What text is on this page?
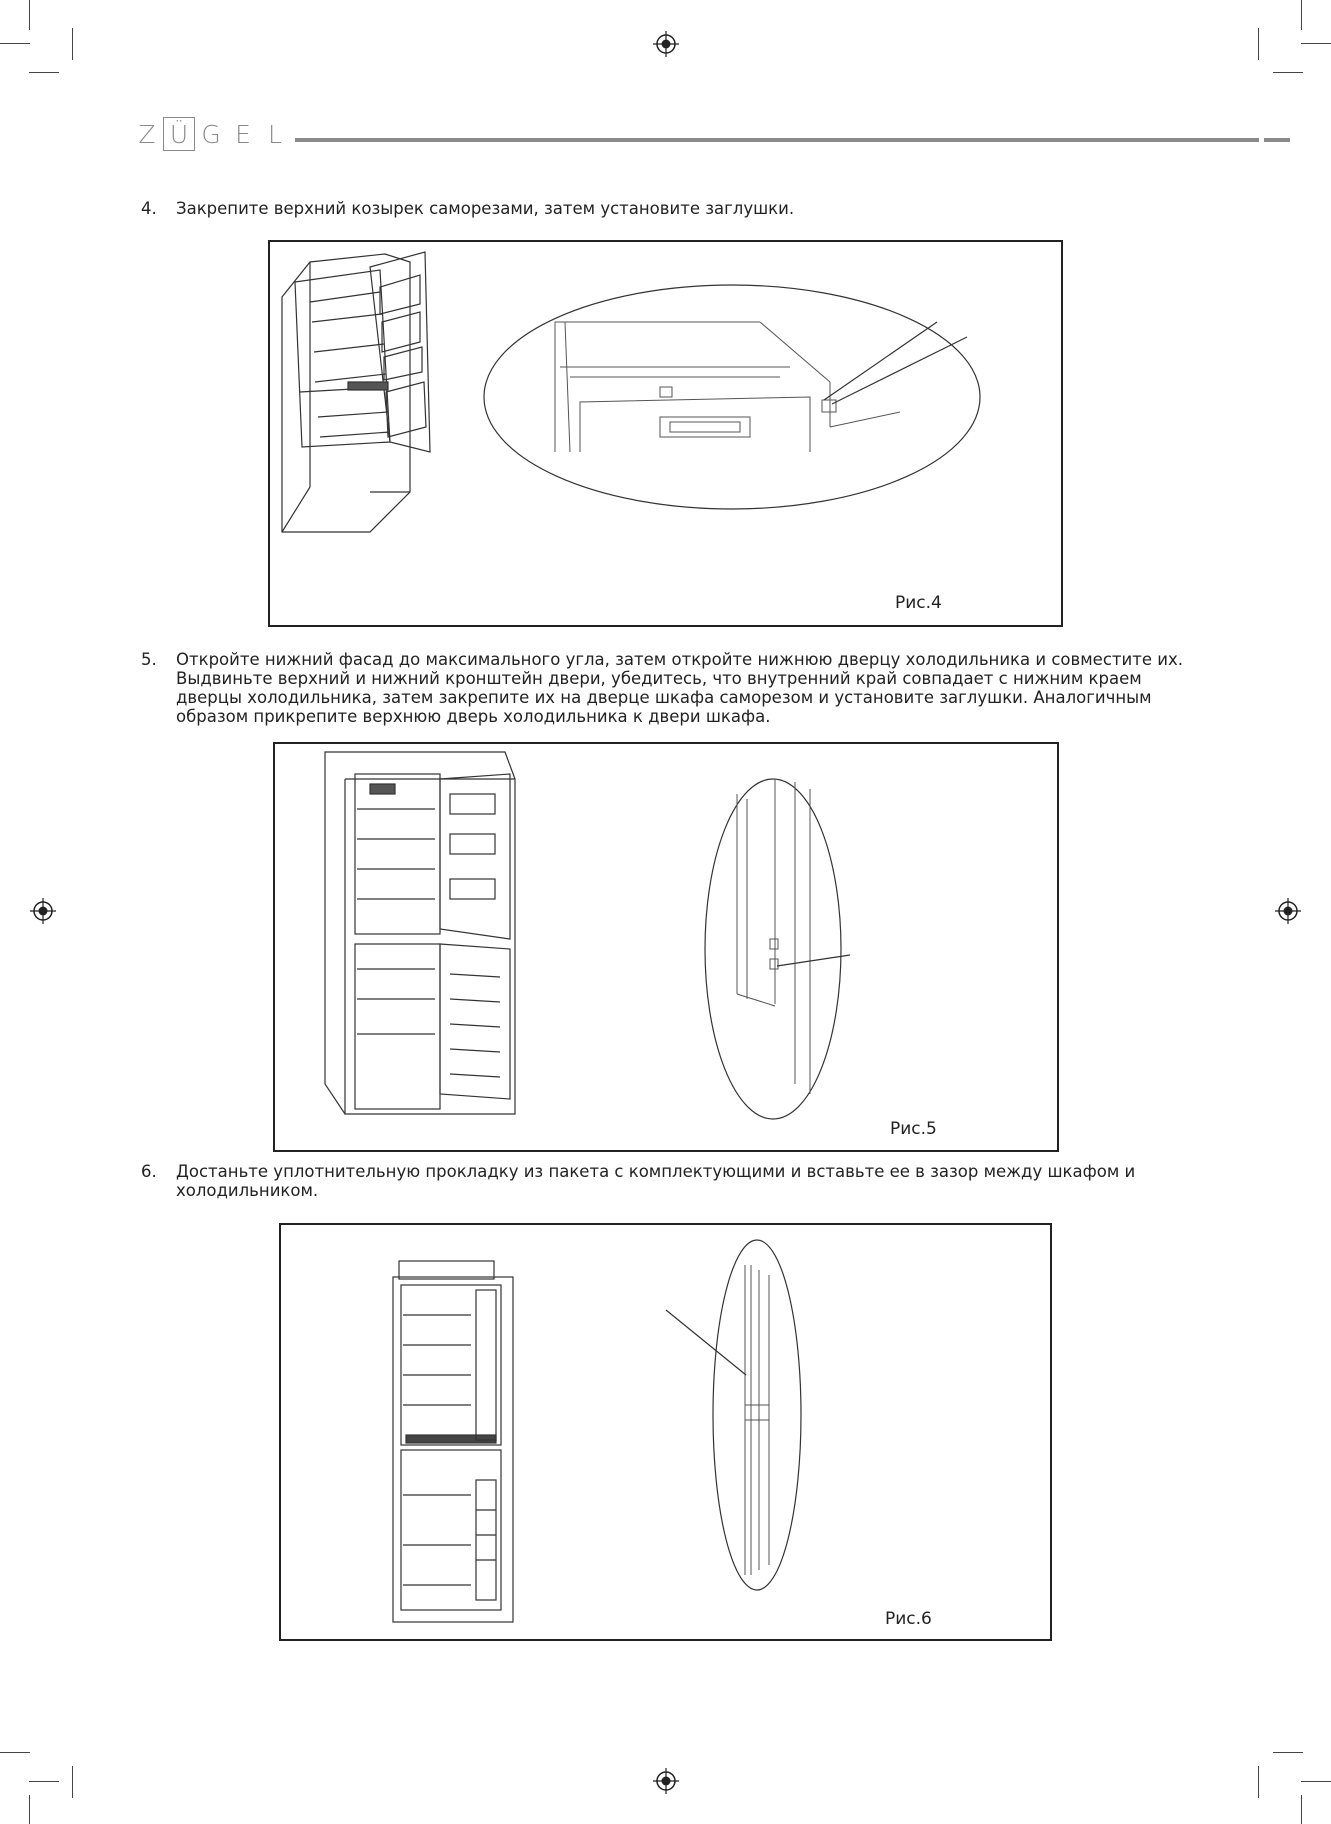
Z Ü G E L
4. Закрепите верхний козырек саморезами, затем установите заглушки.
Рис.4
5. Откройте нижний фасад до максимального угла, затем откройте нижнюю дверцу холодильника и совместите их.
Выдвиньте верхний и нижний кронштейн двери, убедитесь, что внутренний край совпадает с нижним краем
дверцы холодильника, затем закрепите их на дверце шкафа саморезом и установите заглушки. Аналогичным
образом прикрепите верхнюю дверь холодильника к двери шкафа.
Рис.5
6. Достаньте уплотнительную прокладку из пакета с комплектующими и вставьте ее в зазор между шкафом и
холодильником.
Рис.6
